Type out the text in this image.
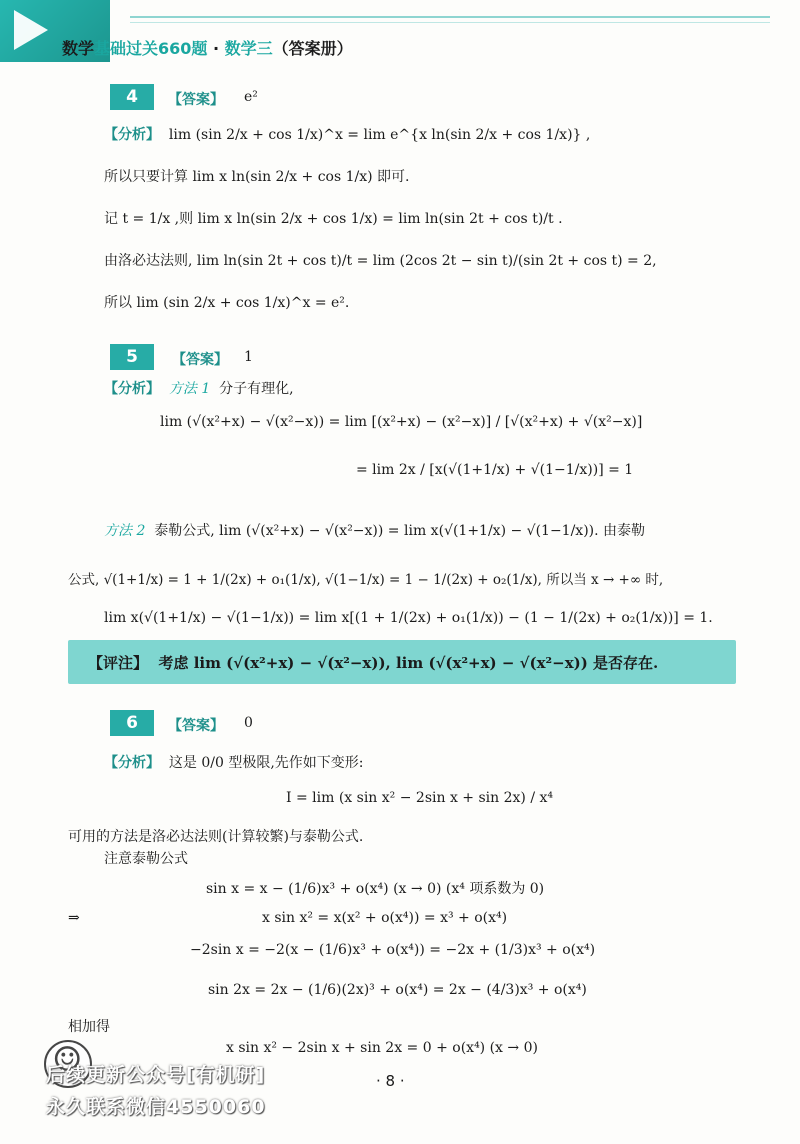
数学基础过关660题 · 数学三（答案册）
4	【答案】 e²
【分析】 lim (sin 2/x + cos 1/x)^x = lim e^{x ln(sin 2/x + cos 1/x)} ,
所以只要计算 lim x ln(sin 2/x + cos 1/x) 即可.
记 t = 1/x ,则 lim x ln(sin 2/x + cos 1/x) = lim ln(sin 2t + cos t)/t .
由洛必达法则, lim ln(sin 2t + cos t)/t = lim (2cos 2t − sin t)/(sin 2t + cos t) = 2,
所以 lim (sin 2/x + cos 1/x)^x = e².
5	【答案】 1
【分析】 方法 1 分子有理化,
lim (√(x²+x) − √(x²−x)) = lim [(x²+x) − (x²−x)] / [√(x²+x) + √(x²−x)]
= lim 2x / [x(√(1+1/x) + √(1−1/x))] = 1
方法 2 泰勒公式, lim (√(x²+x) − √(x²−x)) = lim x(√(1+1/x) − √(1−1/x)). 由泰勒
公式, √(1+1/x) = 1 + 1/(2x) + o₁(1/x), √(1−1/x) = 1 − 1/(2x) + o₂(1/x), 所以当 x → +∞ 时,
lim x(√(1+1/x) − √(1−1/x)) = lim x[(1 + 1/(2x) + o₁(1/x)) − (1 − 1/(2x) + o₂(1/x))] = 1.
【评注】 考虑 lim (√(x²+x) − √(x²−x)), lim (√(x²+x) − √(x²−x)) 是否存在.
6	【答案】 0
【分析】 这是 0/0 型极限,先作如下变形:
I = lim (x sin x² − 2sin x + sin 2x) / x⁴
可用的方法是洛必达法则(计算较繁)与泰勒公式.
注意泰勒公式
sin x = x − (1/6)x³ + o(x⁴) (x → 0) (x⁴ 项系数为 0)
⇒	x sin x² = x(x² + o(x⁴)) = x³ + o(x⁴)
−2sin x = −2(x − (1/6)x³ + o(x⁴)) = −2x + (1/3)x³ + o(x⁴)
sin 2x = 2x − (1/6)(2x)³ + o(x⁴) = 2x − (4/3)x³ + o(x⁴)
相加得
x sin x² − 2sin x + sin 2x = 0 + o(x⁴) (x → 0)
· 8 ·
☺
后续更新公众号[有机研]
永久联系微信4550060
